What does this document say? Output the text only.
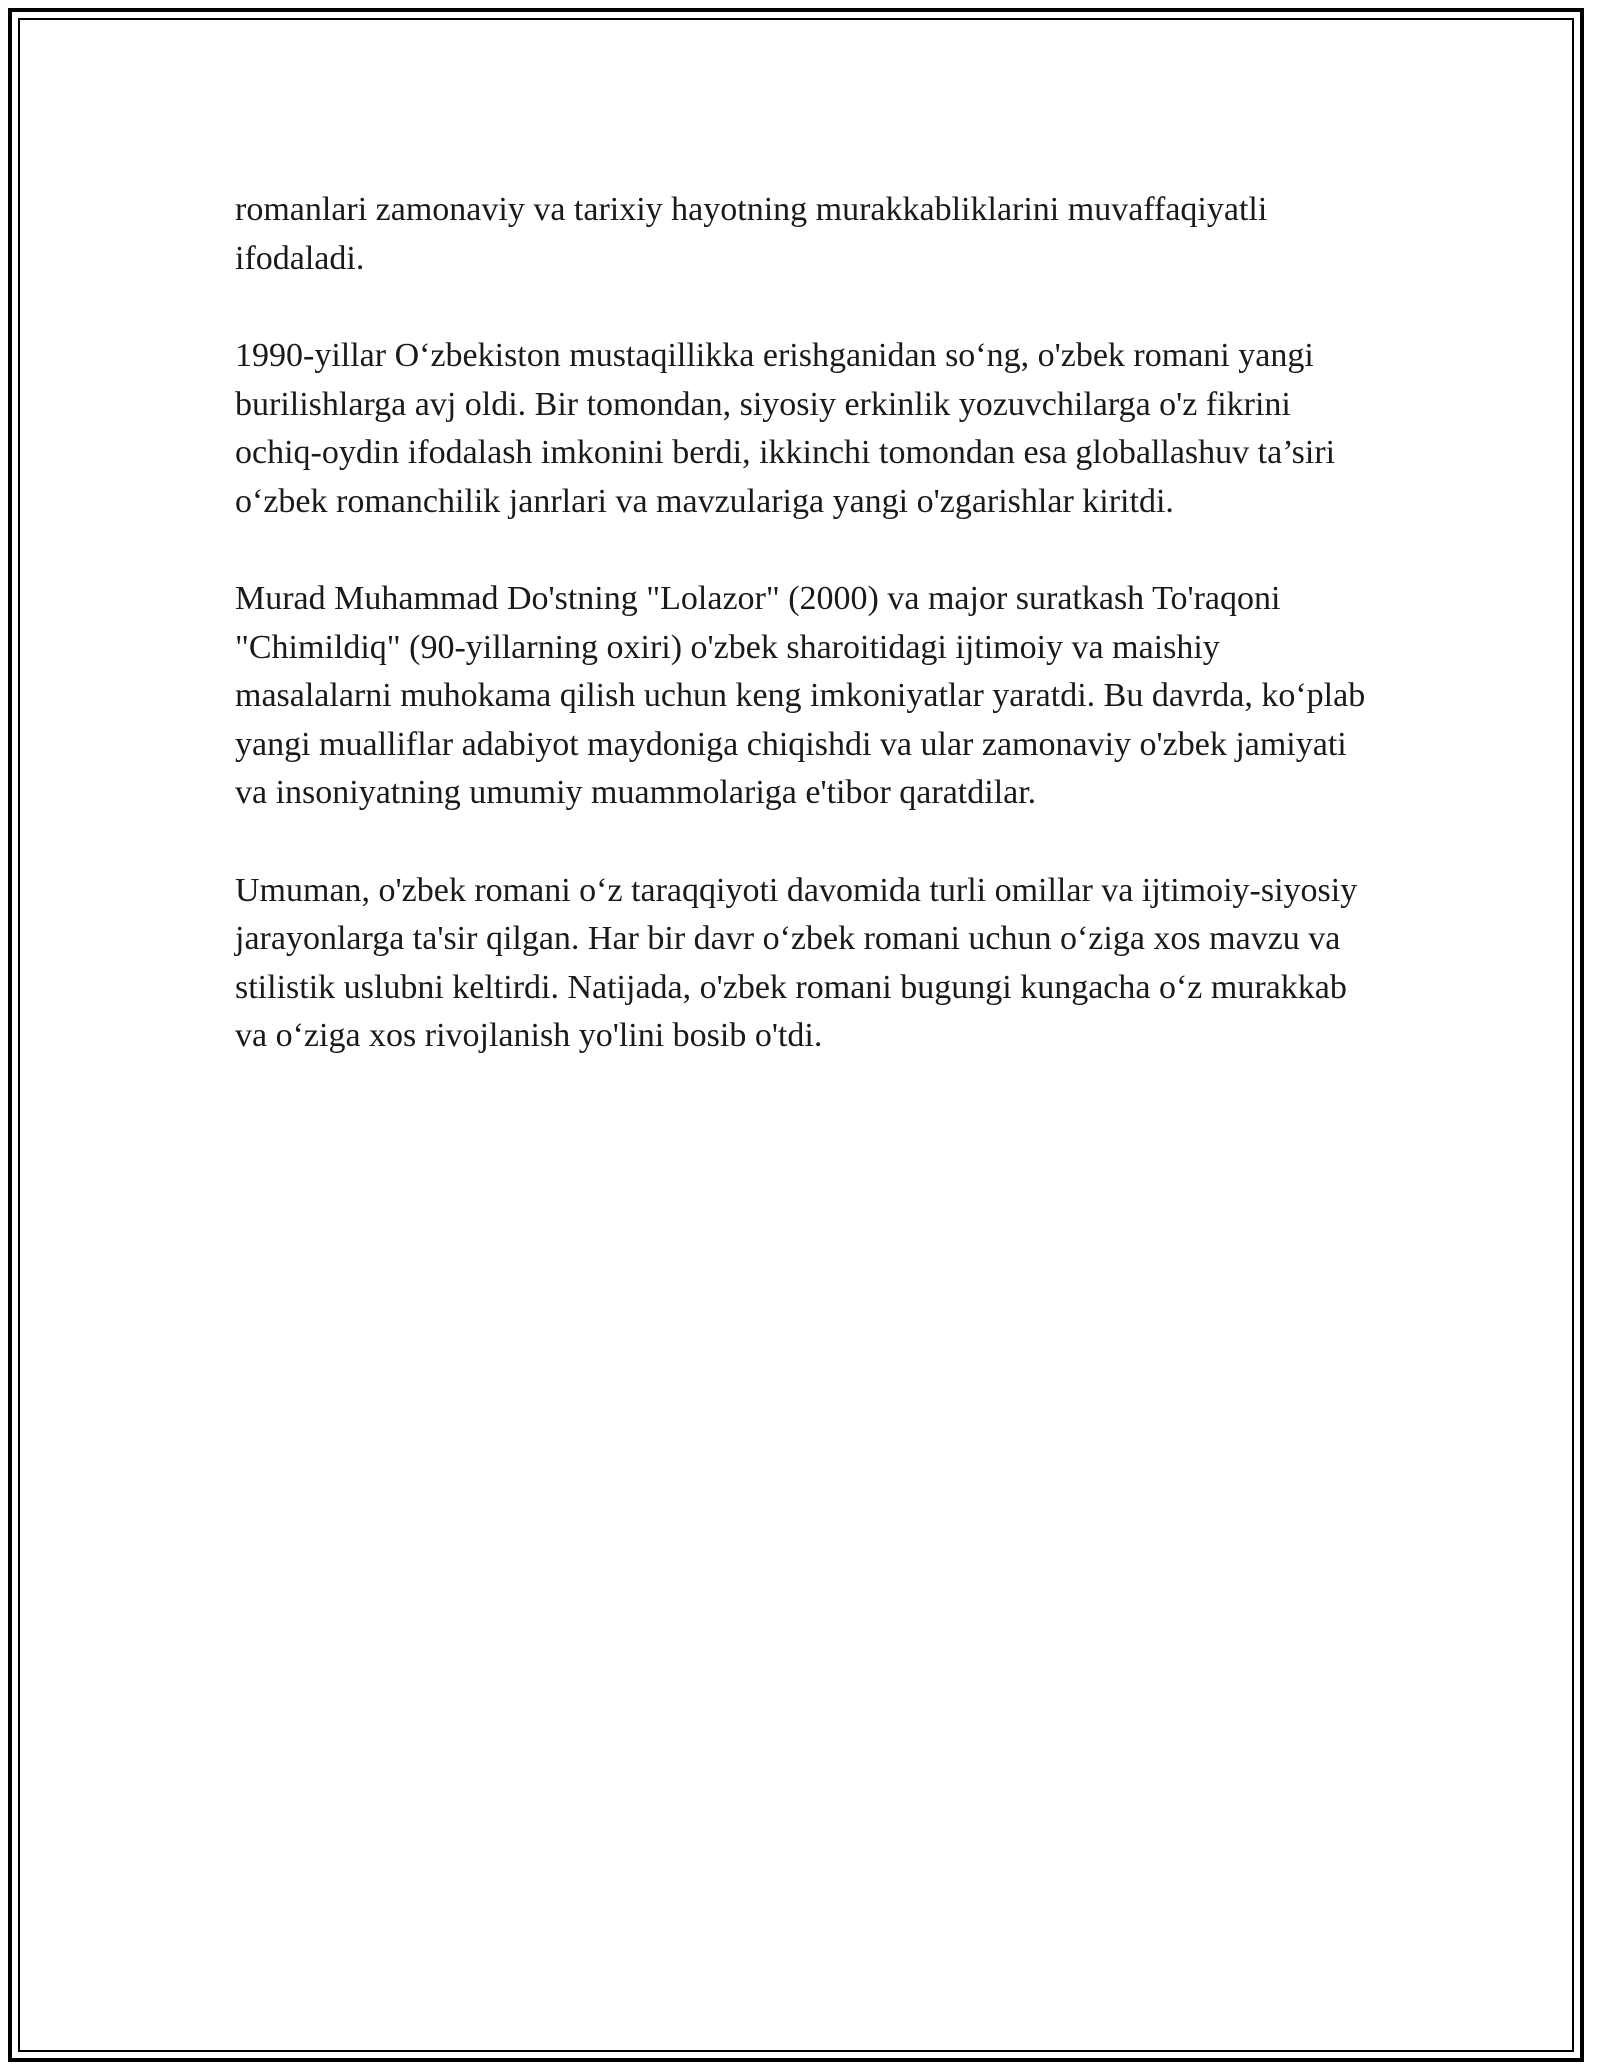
romanlari zamonaviy va tarixiy hayotning murakkabliklarini muvaffaqiyatli ifodaladi.

1990-yillar O‘zbekiston mustaqillikka erishganidan so‘ng, o'zbek romani yangi burilishlarga avj oldi. Bir tomondan, siyosiy erkinlik yozuvchilarga o'z fikrini ochiq-oydin ifodalash imkonini berdi, ikkinchi tomondan esa globallashuv ta’siri o‘zbek romanchilik janrlari va mavzulariga yangi o'zgarishlar kiritdi.

Murad Muhammad Do'stning "Lolazor" (2000) va major suratkash To'raqoni "Chimildiq" (90-yillarning oxiri) o'zbek sharoitidagi ijtimoiy va maishiy masalalarni muhokama qilish uchun keng imkoniyatlar yaratdi. Bu davrda, ko‘plab yangi mualliflar adabiyot maydoniga chiqishdi va ular zamonaviy o'zbek jamiyati va insoniyatning umumiy muammolariga e'tibor qaratdilar.

Umuman, o'zbek romani o‘z taraqqiyoti davomida turli omillar va ijtimoiy-siyosiy jarayonlarga ta'sir qilgan. Har bir davr o‘zbek romani uchun o‘ziga xos mavzu va stilistik uslubni keltirdi. Natijada, o'zbek romani bugungi kungacha o‘z murakkab va o‘ziga xos rivojlanish yo'lini bosib o'tdi.
